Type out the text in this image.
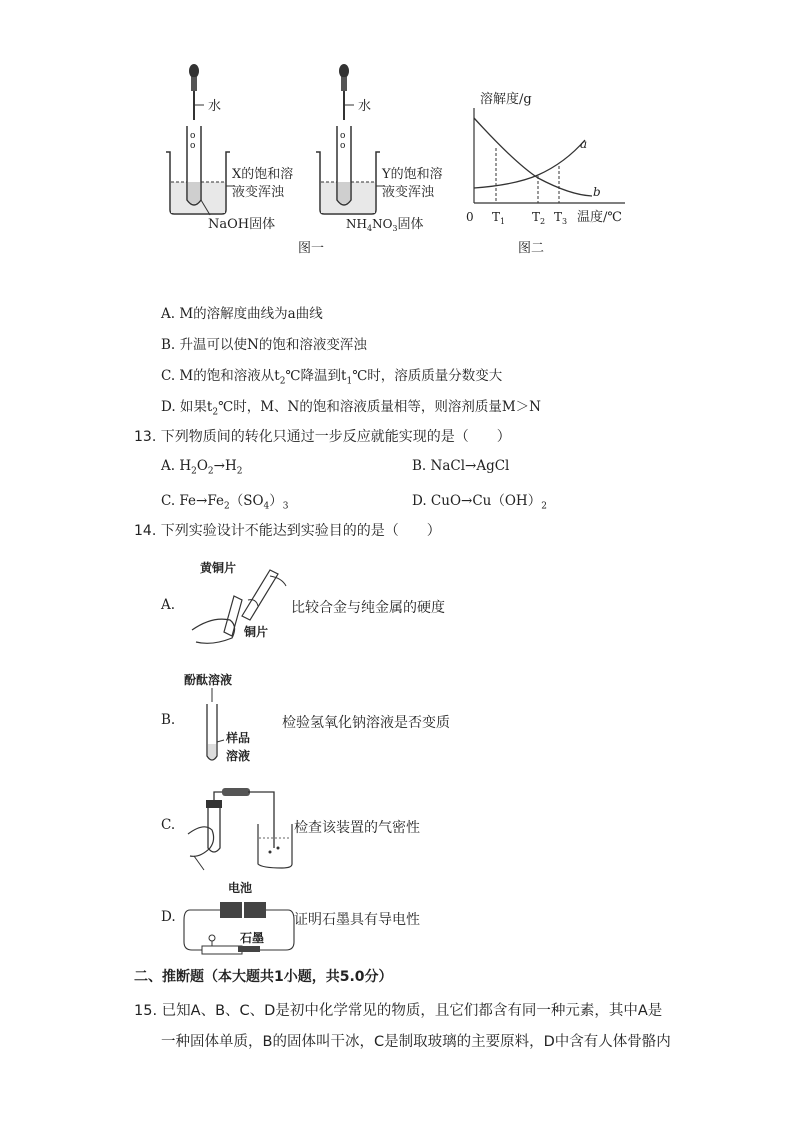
水
o
o
X的饱和溶
液变浑浊
NaOH固体
图一
水
o
o
Y的饱和溶
液变浑浊
$NH_4NO_3$固体
溶解度/g
a
b
0 $T_1$ $T_2$ $T_3$ 温度/℃
图二
A. M的溶解度曲线为a曲线
B. 升温可以使N的饱和溶液变浑浊
C. M的饱和溶液从$t_2℃$降温到$t_1℃$时，溶质质量分数变大
D. 如果$t_2℃$时，M、N的饱和溶液质量相等，则溶剂质量M＞N
13. 下列物质间的转化只通过一步反应就能实现的是（　　）
A. $H_2O_2\to H_2$	B. NaCl→AgCl
C. $Fe\to Fe_2(SO_4)_3$	D. $CuO\to Cu(OH)_2$
14. 下列实验设计不能达到实验目的的是（　　）
A.
黄铜片
铜片
比较合金与纯金属的硬度
B.
酚酞溶液
样品
溶液
检验氢氧化钠溶液是否变质
C.	检查该装置的气密性
D.
电池
石墨
证明石墨具有导电性
二、推断题（本大题共1小题，共5.0分）
15. 已知A、B、C、D是初中化学常见的物质，且它们都含有同一种元素，其中A是
一种固体单质，B的固体叫干冰，C是制取玻璃的主要原料，D中含有人体骨骼内
